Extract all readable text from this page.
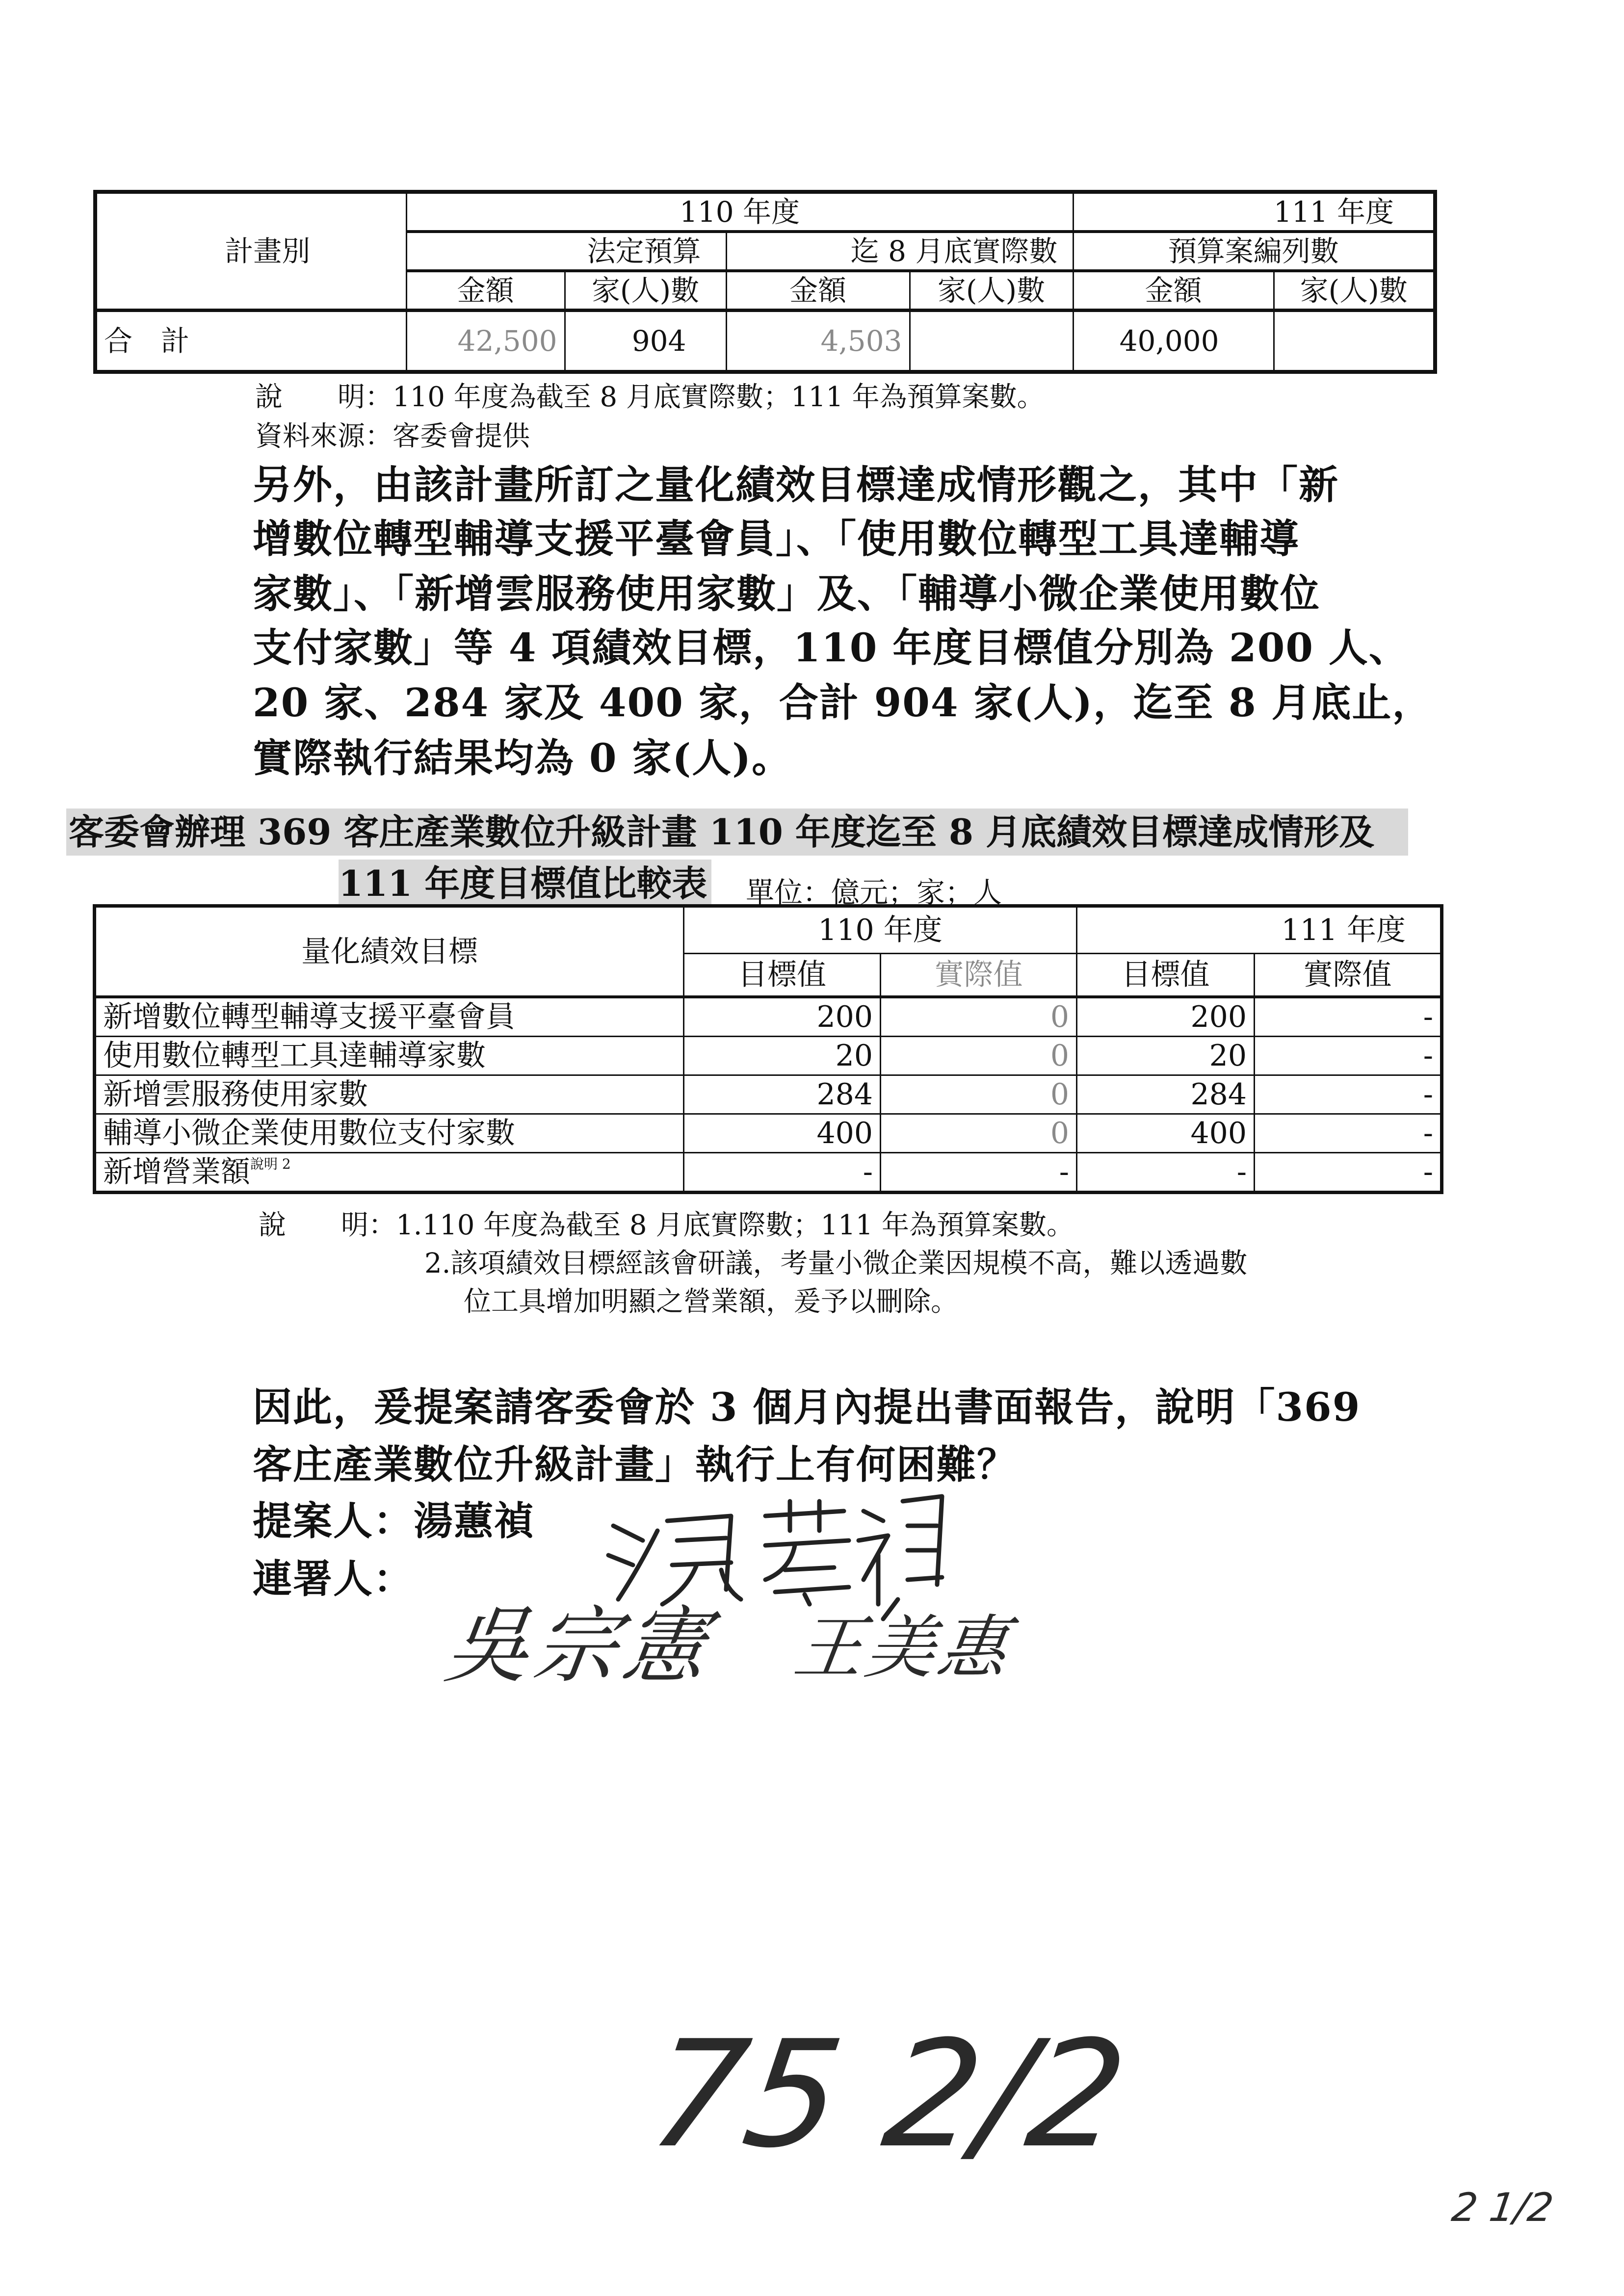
計畫別	110 年度				111 年度	
	法定預算		迄 8 月底實際數		預算案編列數	
	金額	家(人)數	金額	家(人)數	金額	家(人)數
合　計	42,500	904	4,503		40,000	
說　　明：110 年度為截至 8 月底實際數；111 年為預算案數。
資料來源：客委會提供
另外，由該計畫所訂之量化績效目標達成情形觀之，其中「新
增數位轉型輔導支援平臺會員」、「使用數位轉型工具達輔導
家數」、「新增雲服務使用家數」及、「輔導小微企業使用數位
支付家數」等 4 項績效目標，110 年度目標值分別為 200 人、
20 家、284 家及 400 家，合計 904 家(人)，迄至 8 月底止，
實際執行結果均為 0 家(人)。
客委會辦理 369 客庄產業數位升級計畫 110 年度迄至 8 月底績效目標達成情形及
111 年度目標值比較表 單位：億元；家；人
量化績效目標	110 年度		111 年度	
	目標值	實際值	目標值	實際值
新增數位轉型輔導支援平臺會員	200	0	200	-
使用數位轉型工具達輔導家數	20	0	20	-
新增雲服務使用家數	284	0	284	-
輔導小微企業使用數位支付家數	400	0	400	-
新增營業額$^{說明 2}$	-	-	-	-
說　　明：1.110 年度為截至 8 月底實際數；111 年為預算案數。
2.該項績效目標經該會研議，考量小微企業因規模不高，難以透過數
位工具增加明顯之營業額，爰予以刪除。
因此，爰提案請客委會於 3 個月內提出書面報告，說明「369
客庄產業數位升級計畫」執行上有何困難？
提案人：湯蕙禎
連署人：
吳宗憲 王美惠
75 2/2
2 1/2
